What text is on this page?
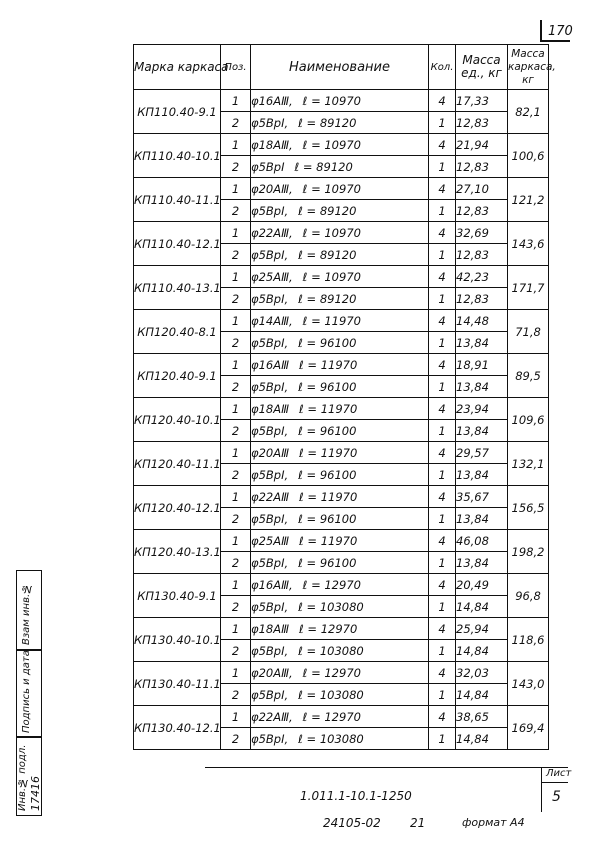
170
Марка каркаса	Поз.	Наименование	Кол.	Масса ед., кг	Масса каркаса, кг
КП110.40-9.1	1	φ16AⅢ, ℓ = 10970	4	17,33	82,1
	2	φ5BpI, ℓ = 89120	1	12,83	
КП110.40-10.1	1	φ18AⅢ, ℓ = 10970	4	21,94	100,6
	2	φ5BpI ℓ = 89120	1	12,83	
КП110.40-11.1	1	φ20AⅢ, ℓ = 10970	4	27,10	121,2
	2	φ5BpI, ℓ = 89120	1	12,83	
КП110.40-12.1	1	φ22AⅢ, ℓ = 10970	4	32,69	143,6
	2	φ5BpI, ℓ = 89120	1	12,83	
КП110.40-13.1	1	φ25AⅢ, ℓ = 10970	4	42,23	171,7
	2	φ5BpI, ℓ = 89120	1	12,83	
КП120.40-8.1	1	φ14AⅢ, ℓ = 11970	4	14,48	71,8
	2	φ5BpI, ℓ = 96100	1	13,84	
КП120.40-9.1	1	φ16AⅢ ℓ = 11970	4	18,91	89,5
	2	φ5BpI, ℓ = 96100	1	13,84	
КП120.40-10.1	1	φ18AⅢ ℓ = 11970	4	23,94	109,6
	2	φ5BpI, ℓ = 96100	1	13,84	
КП120.40-11.1	1	φ20AⅢ ℓ = 11970	4	29,57	132,1
	2	φ5BpI, ℓ = 96100	1	13,84	
КП120.40-12.1	1	φ22AⅢ ℓ = 11970	4	35,67	156,5
	2	φ5BpI, ℓ = 96100	1	13,84	
КП120.40-13.1	1	φ25AⅢ ℓ = 11970	4	46,08	198,2
	2	φ5BpI, ℓ = 96100	1	13,84	
КП130.40-9.1	1	φ16AⅢ, ℓ = 12970	4	20,49	96,8
	2	φ5BpI, ℓ = 103080	1	14,84	
КП130.40-10.1	1	φ18AⅢ ℓ = 12970	4	25,94	118,6
	2	φ5BpI, ℓ = 103080	1	14,84	
КП130.40-11.1	1	φ20AⅢ, ℓ = 12970	4	32,03	143,0
	2	φ5BpI, ℓ = 103080	1	14,84	
КП130.40-12.1	1	φ22AⅢ, ℓ = 12970	4	38,65	169,4
	2	φ5BpI, ℓ = 103080	1	14,84	
Взам инв.№
Подпись и дата
Инв.№ подл. 17416	1.011.1-10.1-1250
Лист
5
24105-02 21	формат А4
